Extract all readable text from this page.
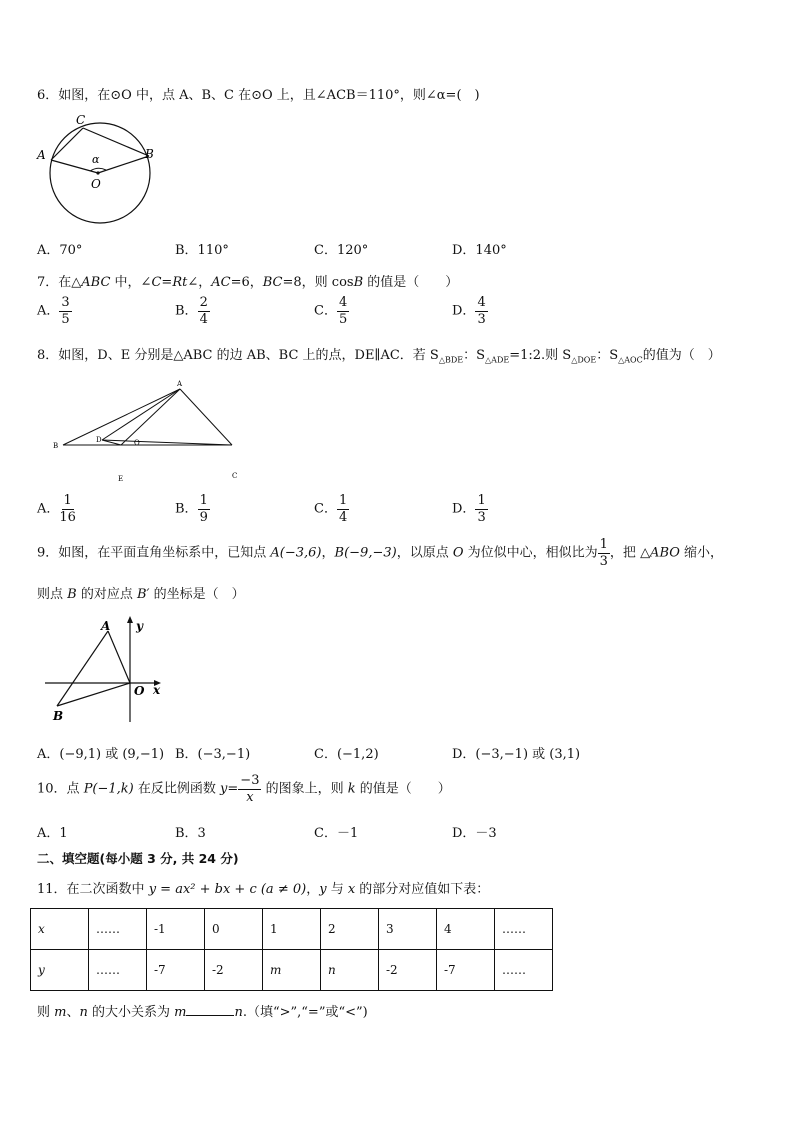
6．如图，在⊙O 中，点 A、B、C 在⊙O 上，且∠ACB＝110°，则∠α=(　)
C
A	B
α
O
A．70°	B．110°	C．120°	D．140°
7．在△ABC 中，∠C=Rt∠，AC=6，BC=8，则 cosB 的值是（　　）
A． $\frac{3}{5}$	B． $\frac{2}{4}$	C． $\frac{4}{5}$	D． $\frac{4}{3}$
8．如图，D、E 分别是△ABC 的边 AB、BC 上的点，DE∥AC．若 $S_{\triangle BDE}$：$S_{\triangle ADE}=1:2$.则 $S_{\triangle DOE}$：$S_{\triangle AOC}$的值为（　）
A
D	O
B
E	C
A． $\frac{1}{16}$	B． $\frac{1}{9}$	C． $\frac{1}{4}$	D． $\frac{1}{3}$
9．如图，在平面直角坐标系中，已知点 A(−3,6)，B(−9,−3)，以原点 O 为位似中心，相似比为 $\frac{1}{3}$ ，把 △ABO 缩小，
则点 B 的对应点 B′ 的坐标是（　）
A
B
O x
y
A．(−9,1) 或 (9,−1) B．(−3,−1)	C．(−1,2)	D．(−3,−1) 或 (3,1)
10．点 P(−1,k) 在反比例函数 $y= \frac{-3}{x}$ 的图象上，则 k 的值是（　　）
A．1	B．3	C．－1	D．－3
二、填空题(每小题 3 分, 共 24 分)
11．在二次函数中 y = ax² + bx + c (a ≠ 0)，y 与 x 的部分对应值如下表：
x	……	-1	0	1	2	3	4	……
y	……	-7	-2	m	n	-2	-7	……
则 m、n 的大小关系为 m	n.（填“>”,“=”或“<”)
